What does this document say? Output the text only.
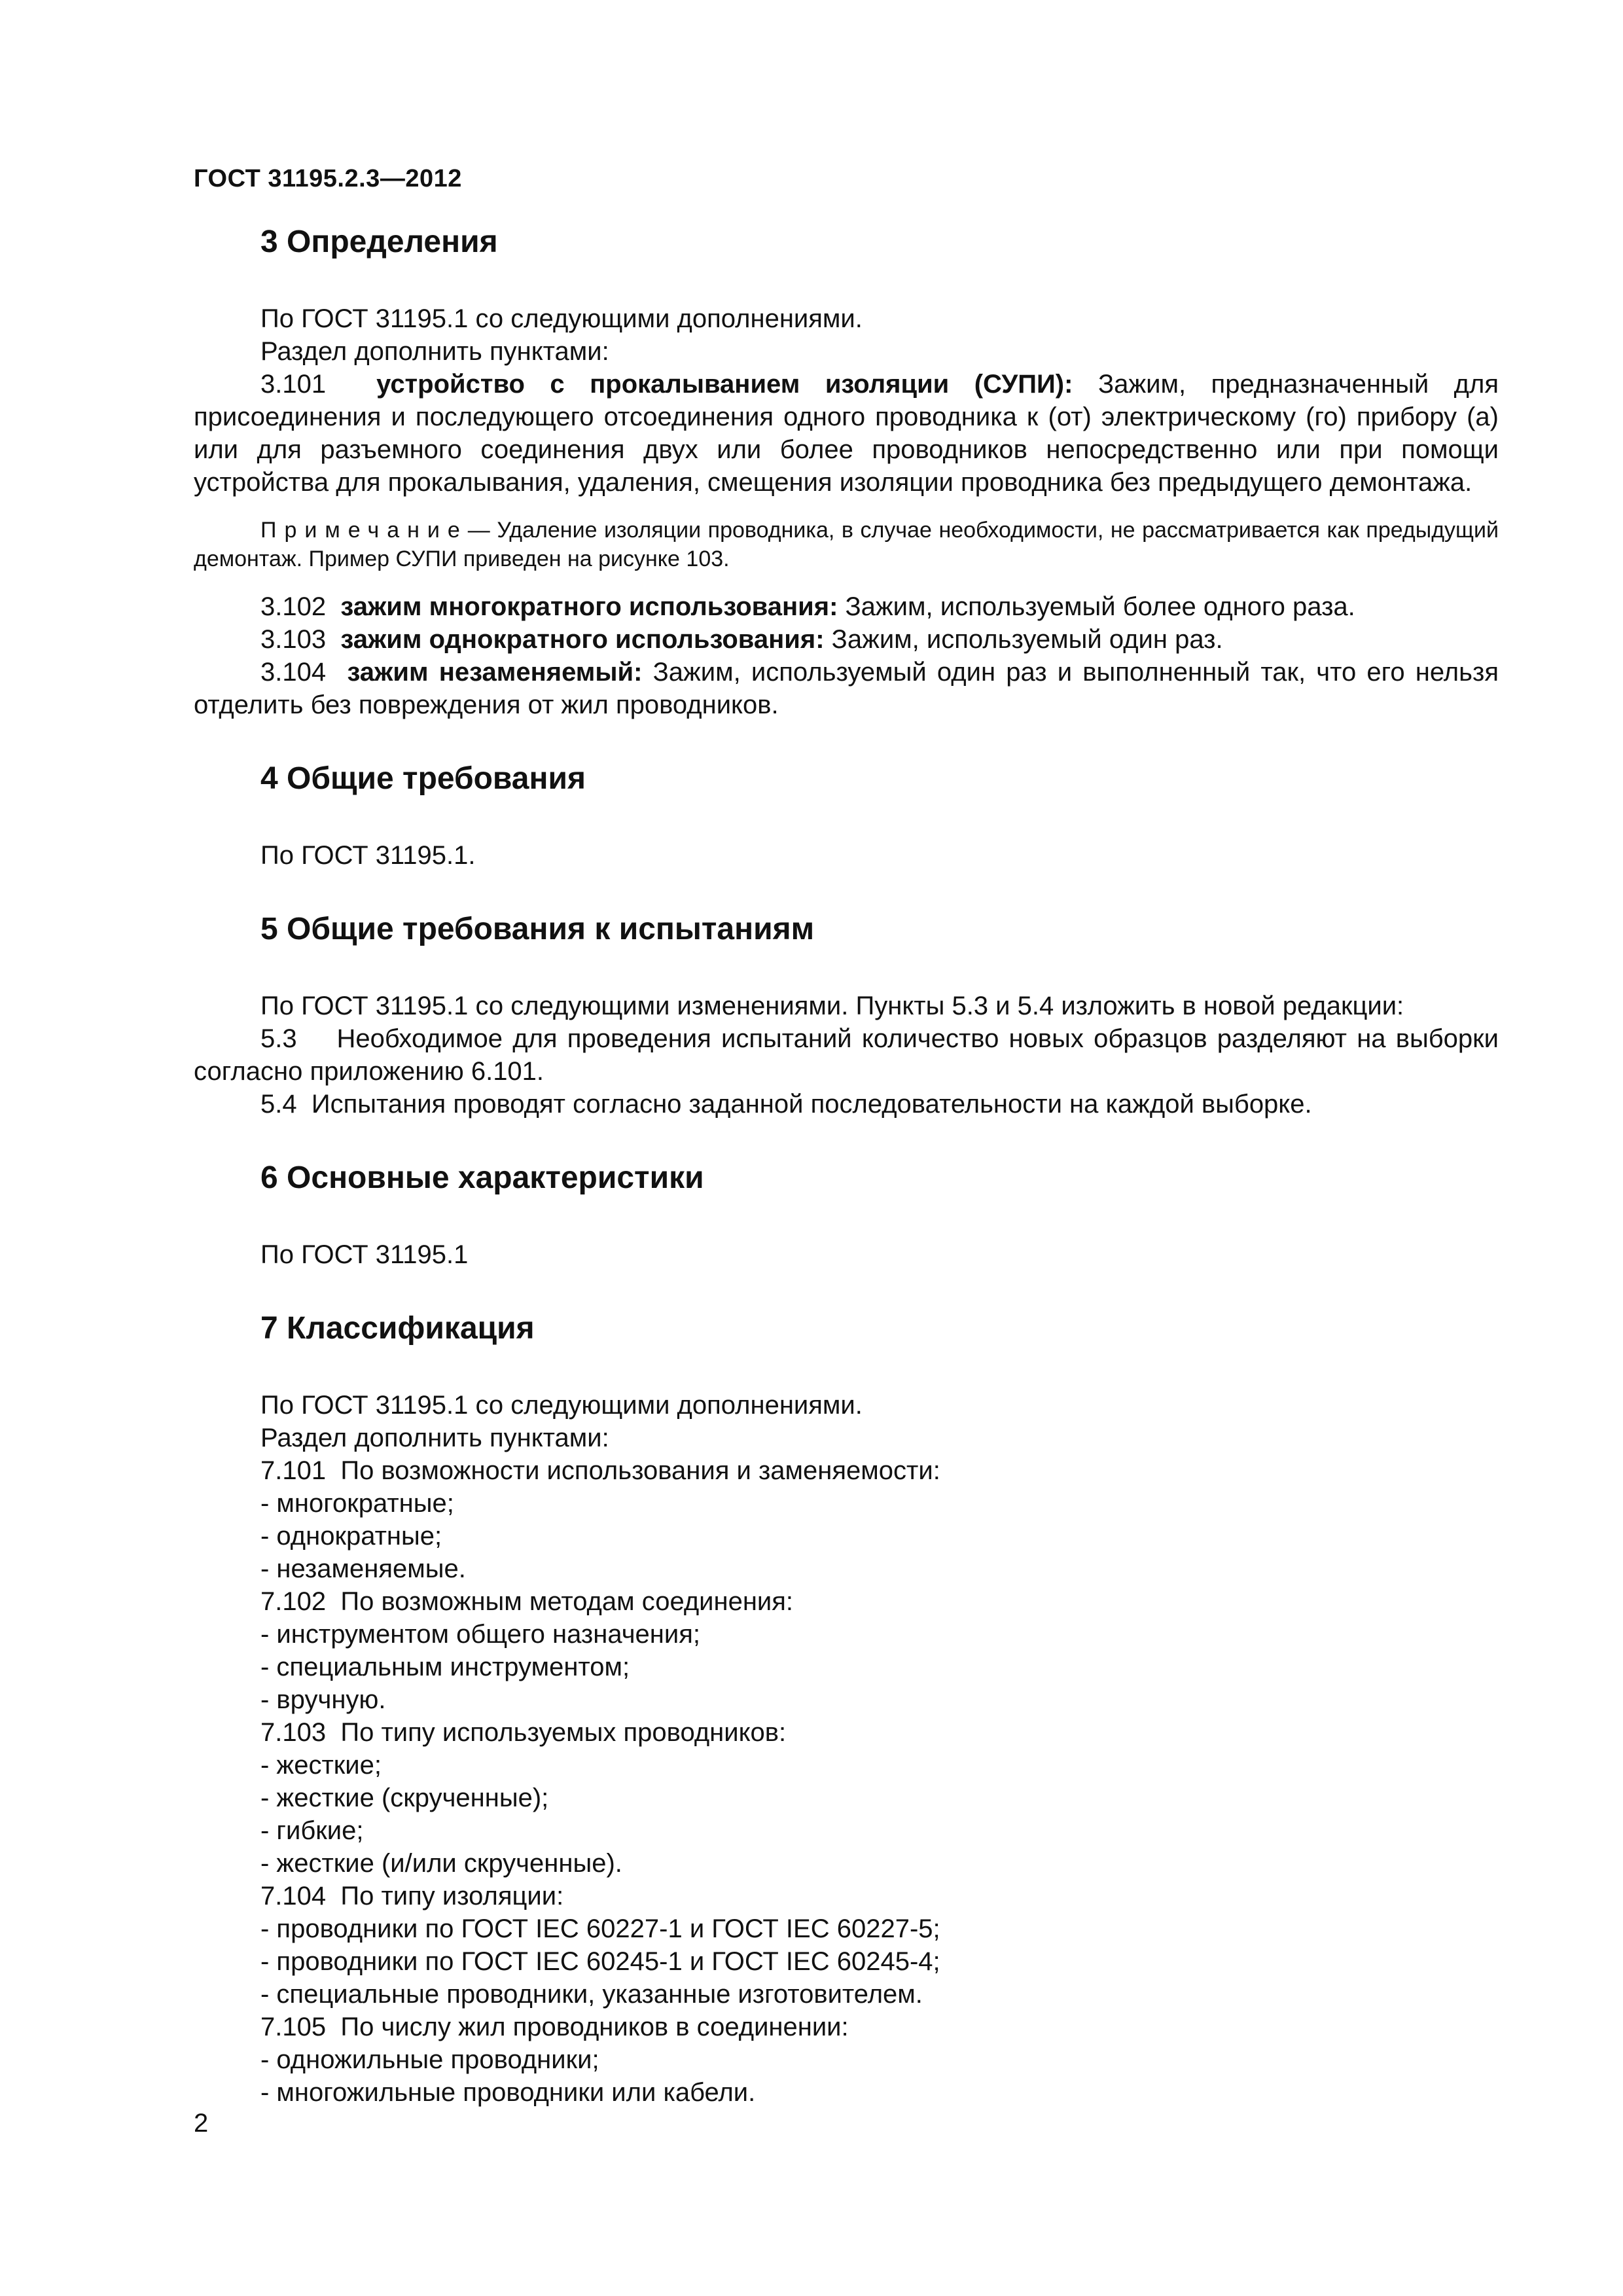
ГОСТ 31195.2.3—2012
3 Определения

По ГОСТ 31195.1 со следующими дополнениями.

Раздел дополнить пунктами:

3.101 устройство с прокалыванием изоляции (СУПИ): Зажим, предназначенный для присоединения и последующего отсоединения одного проводника к (от) электрическому (го) прибору (а) или для разъемного соединения двух или более проводников непосредственно или при помощи устройства для прокалывания, удаления, смещения изоляции проводника без предыдущего демонтажа.

Примечание— Удаление изоляции проводника, в случае необходимости, не рассматривается как предыдущий демонтаж. Пример СУПИ приведен на рисунке 103.

3.102 зажим многократного использования: Зажим, используемый более одного раза.

3.103 зажим однократного использования: Зажим, используемый один раз.

3.104 зажим незаменяемый: Зажим, используемый один раз и выполненный так, что его нельзя отделить без повреждения от жил проводников.

4 Общие требования

По ГОСТ 31195.1.

5 Общие требования к испытаниям

По ГОСТ 31195.1 со следующими изменениями. Пункты 5.3 и 5.4 изложить в новой редакции:

5.3 Необходимое для проведения испытаний количество новых образцов разделяют на выборки согласно приложению 6.101.

5.4 Испытания проводят согласно заданной последовательности на каждой выборке.

6 Основные характеристики

По ГОСТ 31195.1

7 Классификация

По ГОСТ 31195.1 со следующими дополнениями.

Раздел дополнить пунктами:

7.101 По возможности использования и заменяемости:

- многократные;

- однократные;

- незаменяемые.

7.102 По возможным методам соединения:

- инструментом общего назначения;

- специальным инструментом;

- вручную.

7.103 По типу используемых проводников:

- жесткие;

- жесткие (скрученные);

- гибкие;

- жесткие (и/или скрученные).

7.104 По типу изоляции:

- проводники по ГОСТ IEC 60227-1 и ГОСТ IEC 60227-5;

- проводники по ГОСТ IEC 60245-1 и ГОСТ IEC 60245-4;

- специальные проводники, указанные изготовителем.

7.105 По числу жил проводников в соединении:

- одножильные проводники;

- многожильные проводники или кабели.

2
